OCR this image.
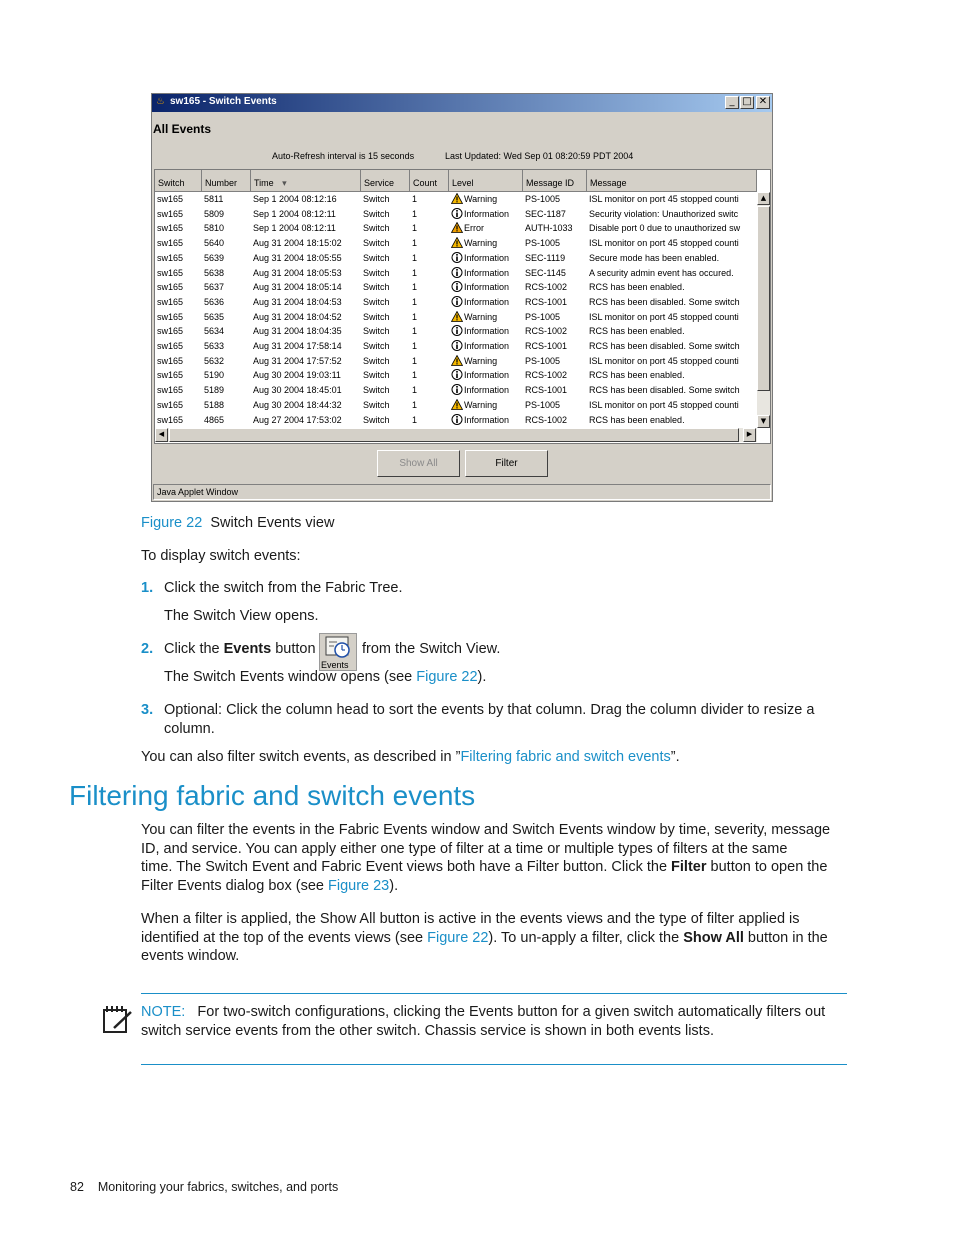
♨ sw165 - Switch Events	_ □ ✕
All Events
Auto-Refresh interval is 15 seconds	Last Updated: Wed Sep 01 08:20:59 PDT 2004
Switch	Number	Time ▾	Service	Count	Level	Message ID	Message
sw165	5811	Sep 1 2004 08:12:16	Switch	1	Warning	PS-1005	ISL monitor on port 45 stopped counti
sw165	5809	Sep 1 2004 08:12:11	Switch	1	Information	SEC-1187	Security violation: Unauthorized switc
sw165	5810	Sep 1 2004 08:12:11	Switch	1	Error	AUTH-1033	Disable port 0 due to unauthorized sw
sw165	5640	Aug 31 2004 18:15:02	Switch	1	Warning	PS-1005	ISL monitor on port 45 stopped counti
sw165	5639	Aug 31 2004 18:05:55	Switch	1	Information	SEC-1119	Secure mode has been enabled.
sw165	5638	Aug 31 2004 18:05:53	Switch	1	Information	SEC-1145	A security admin event has occured.
sw165	5637	Aug 31 2004 18:05:14	Switch	1	Information	RCS-1002	RCS has been enabled.
sw165	5636	Aug 31 2004 18:04:53	Switch	1	Information	RCS-1001	RCS has been disabled. Some switch
sw165	5635	Aug 31 2004 18:04:52	Switch	1	Warning	PS-1005	ISL monitor on port 45 stopped counti
sw165	5634	Aug 31 2004 18:04:35	Switch	1	Information	RCS-1002	RCS has been enabled.
sw165	5633	Aug 31 2004 17:58:14	Switch	1	Information	RCS-1001	RCS has been disabled. Some switch
sw165	5632	Aug 31 2004 17:57:52	Switch	1	Warning	PS-1005	ISL monitor on port 45 stopped counti
sw165	5190	Aug 30 2004 19:03:11	Switch	1	Information	RCS-1002	RCS has been enabled.
sw165	5189	Aug 30 2004 18:45:01	Switch	1	Information	RCS-1001	RCS has been disabled. Some switch
sw165	5188	Aug 30 2004 18:44:32	Switch	1	Warning	PS-1005	ISL monitor on port 45 stopped counti
sw165	4865	Aug 27 2004 17:53:02	Switch	1	Information	RCS-1002	RCS has been enabled.
▲
▼
◀	▶
Show All	Filter
Java Applet Window
Figure 22 Switch Events view
To display switch events:
1. Click the switch from the Fabric Tree.
The Switch View opens.
2. Click the Events button
Events
from the Switch View.
The Switch Events window opens (see Figure 22).
3. Optional: Click the column head to sort the events by that column. Drag the column divider to resize a
column.
You can also filter switch events, as described in ”Filtering fabric and switch events”.
Filtering fabric and switch events
You can filter the events in the Fabric Events window and Switch Events window by time, severity, message
ID, and service. You can apply either one type of filter at a time or multiple types of filters at the same
time. The Switch Event and Fabric Event views both have a Filter button. Click the Filter button to open the
Filter Events dialog box (see Figure 23).
When a filter is applied, the Show All button is active in the events views and the type of filter applied is
identified at the top of the events views (see Figure 22). To un-apply a filter, click the Show All button in the
events window.
NOTE: For two-switch configurations, clicking the Events button for a given switch automatically filters out
switch service events from the other switch. Chassis service is shown in both events lists.
82 Monitoring your fabrics, switches, and ports
